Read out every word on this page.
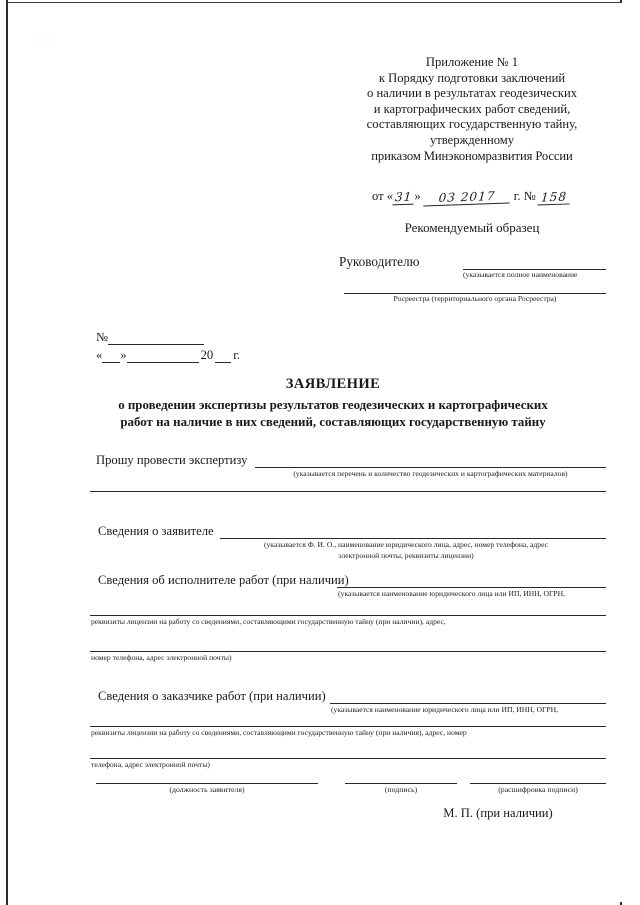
'' ''
'· ·'
Приложение № 1
к Порядку подготовки заключений
о наличии в результатах геодезических
и картографических работ сведений,
составляющих государственную тайну,
утвержденному
приказом Минэкономразвития России
от « 31 »	03 2017	г. № 158
Рекомендуемый образец
Руководителю
(указывается полное наименование
Росреестра (территориального органа Росреестра)
№
« »	20 г.
ЗАЯВЛЕНИЕ
о проведении экспертизы результатов геодезических и картографических
работ на наличие в них сведений, составляющих государственную тайну
Прошу провести экспертизу
(указывается перечень и количество геодезических и картографических материалов)
Сведения о заявителе
(указывается Ф. И. О., наименование юридического лица, адрес, номер телефона, адрес
электронной почты, реквизиты лицензии)
Сведения об исполнителе работ (при наличии)
(указывается наименование юридического лица или ИП, ИНН, ОГРН,
реквизиты лицензии на работу со сведениями, составляющими государственную тайну (при наличии), адрес,
номер телефона, адрес электронной почты)
Сведения о заказчике работ (при наличии)
(указывается наименование юридического лица или ИП, ИНН, ОГРН,
реквизиты лицензии на работу со сведениями, составляющими государственную тайну (при наличия), адрес, номер
телефона, адрес электронной почты)
(должность заявителя)	(подпись)	(расшифровка подписи)
М. П. (при наличии)
